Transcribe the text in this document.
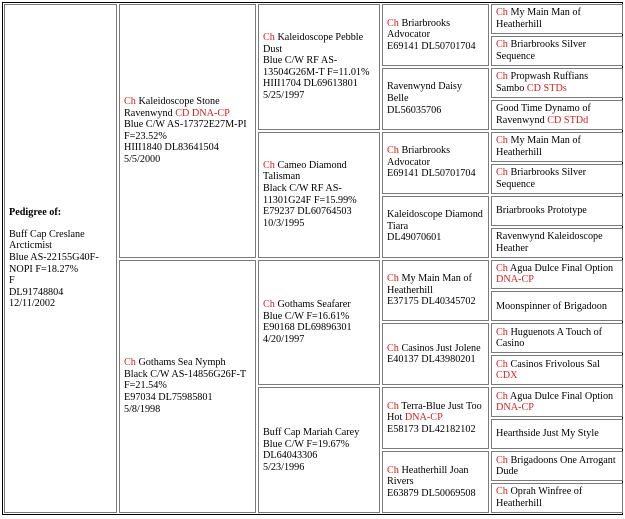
Pedigree of:
Buff Cap Creslane
Arcticmist
Blue AS-22155G40F-
NOPI F=18.27%
F
DL91748804
12/11/2002
Ch Kaleidoscope Stone Ravenwynd CD DNA-CP
Blue C/W AS-17372E27M-PI
F=23.52%
HIII1840 DL83641504
5/5/2000
Ch Gothams Sea Nymph
Black C/W AS-14856G26F-T
F=21.54%
E97034 DL75985801
5/8/1998
Ch Kaleidoscope Pebble Dust
Blue C/W RF AS-
13504G26M-T F=11.01%
HIII1704 DL69613801
5/25/1997
Ch Cameo Diamond Talisman
Black C/W RF AS-
11301G24F F=15.99%
E79237 DL60764503
10/3/1995
Ch Gothams Seafarer
Blue C/W F=16.61%
E90168 DL69896301
4/20/1997
Buff Cap Mariah Carey
Blue C/W F=19.67%
DL64043306
5/23/1996
Ch Briarbrooks Advocator
E69141 DL50701704
Ravenwynd Daisy Belle
DL56035706
Ch Briarbrooks Advocator
E69141 DL50701704
Kaleidoscope Diamond Tiara
DL49070601
Ch My Main Man of Heatherhill
E37175 DL40345702
Ch Casinos Just Jolene
E40137 DL43980201
Ch Terra-Blue Just Too Hot DNA-CP
E58173 DL42182102
Ch Heatherhill Joan Rivers
E63879 DL50069508
Ch My Main Man of Heatherhill
Ch Briarbrooks Silver Sequence
Ch Propwash Ruffians Sambo CD STDs
Good Time Dynamo of Ravenwynd CD STDd
Ch My Main Man of Heatherhill
Ch Briarbrooks Silver Sequence
Briarbrooks Prototype
Ravenwynd Kaleidoscope Heather
Ch Agua Dulce Final Option DNA-CP
Moonspinner of Brigadoon
Ch Huguenots A Touch of Casino
Ch Casinos Frivolous Sal CDX
Ch Agua Dulce Final Option DNA-CP
Hearthside Just My Style
Ch Brigadoons One Arrogant Dude
Ch Oprah Winfree of Heatherhill
